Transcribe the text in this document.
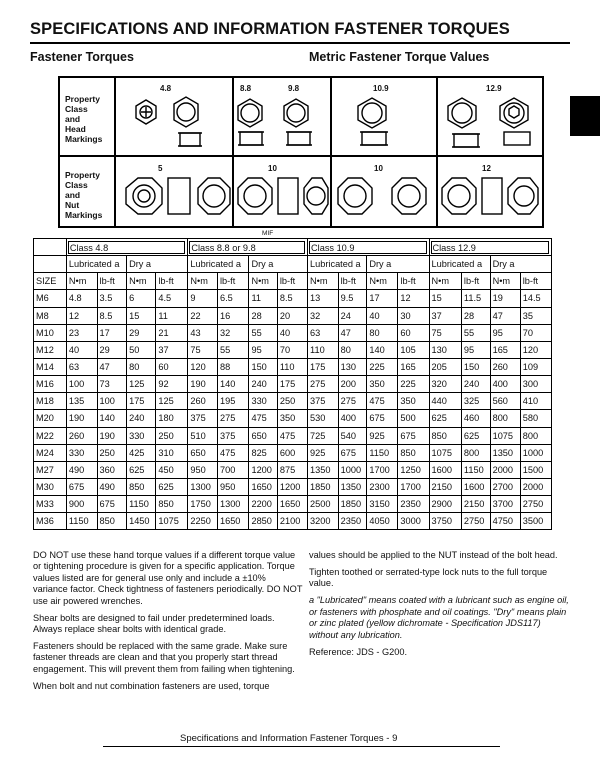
SPECIFICATIONS AND INFORMATION FASTENER TORQUES
Fastener Torques	Metric Fastener Torque Values
Property
Class
and
Head
Markings
Property
Class
and
Nut
Markings
4.8	8.8	9.8	10.9	12.9
5	10	10	12
MIF

	Class 4.8				Class 8.8 or 9.8				Class 10.9				Class 12.9			

	Lubricated a		Dry a		Lubricated a		Dry a		Lubricated a		Dry a		Lubricated a		Dry a	
SIZE	N•m	lb-ft	N•m	lb-ft	N•m	lb-ft	N•m	lb-ft	N•m	lb-ft	N•m	lb-ft	N•m	lb-ft	N•m	lb-ft
M6	4.8	3.5	6	4.5	9	6.5	11	8.5	13	9.5	17	12	15	11.5	19	14.5
M8	12	8.5	15	11	22	16	28	20	32	24	40	30	37	28	47	35
M10	23	17	29	21	43	32	55	40	63	47	80	60	75	55	95	70
M12	40	29	50	37	75	55	95	70	110	80	140	105	130	95	165	120
M14	63	47	80	60	120	88	150	110	175	130	225	165	205	150	260	109
M16	100	73	125	92	190	140	240	175	275	200	350	225	320	240	400	300
M18	135	100	175	125	260	195	330	250	375	275	475	350	440	325	560	410
M20	190	140	240	180	375	275	475	350	530	400	675	500	625	460	800	580
M22	260	190	330	250	510	375	650	475	725	540	925	675	850	625	1075	800
M24	330	250	425	310	650	475	825	600	925	675	1150	850	1075	800	1350	1000
M27	490	360	625	450	950	700	1200	875	1350	1000	1700	1250	1600	1150	2000	1500
M30	675	490	850	625	1300	950	1650	1200	1850	1350	2300	1700	2150	1600	2700	2000
M33	900	675	1150	850	1750	1300	2200	1650	2500	1850	3150	2350	2900	2150	3700	2750
M36	1150	850	1450	1075	2250	1650	2850	2100	3200	2350	4050	3000	3750	2750	4750	3500

DO NOT use these hand torque values if a different torque value or tightening procedure is given for a specific application. Torque values listed are for general use only and include a ±10% variance factor. Check tightness of fasteners periodically. DO NOT use air powered wrenches.

Shear bolts are designed to fail under predetermined loads. Always replace shear bolts with identical grade.

Fasteners should be replaced with the same grade. Make sure fastener threads are clean and that you properly start thread engagement. This will prevent them from failing when tightening.

When bolt and nut combination fasteners are used, torque

values should be applied to the NUT instead of the bolt head.

Tighten toothed or serrated-type lock nuts to the full torque value.

a "Lubricated" means coated with a lubricant such as engine oil, or fasteners with phosphate and oil coatings. "Dry" means plain or zinc plated (yellow dichromate - Specification JDS117) without any lubrication.

Reference: JDS - G200.

Specifications and Information Fastener Torques - 9
